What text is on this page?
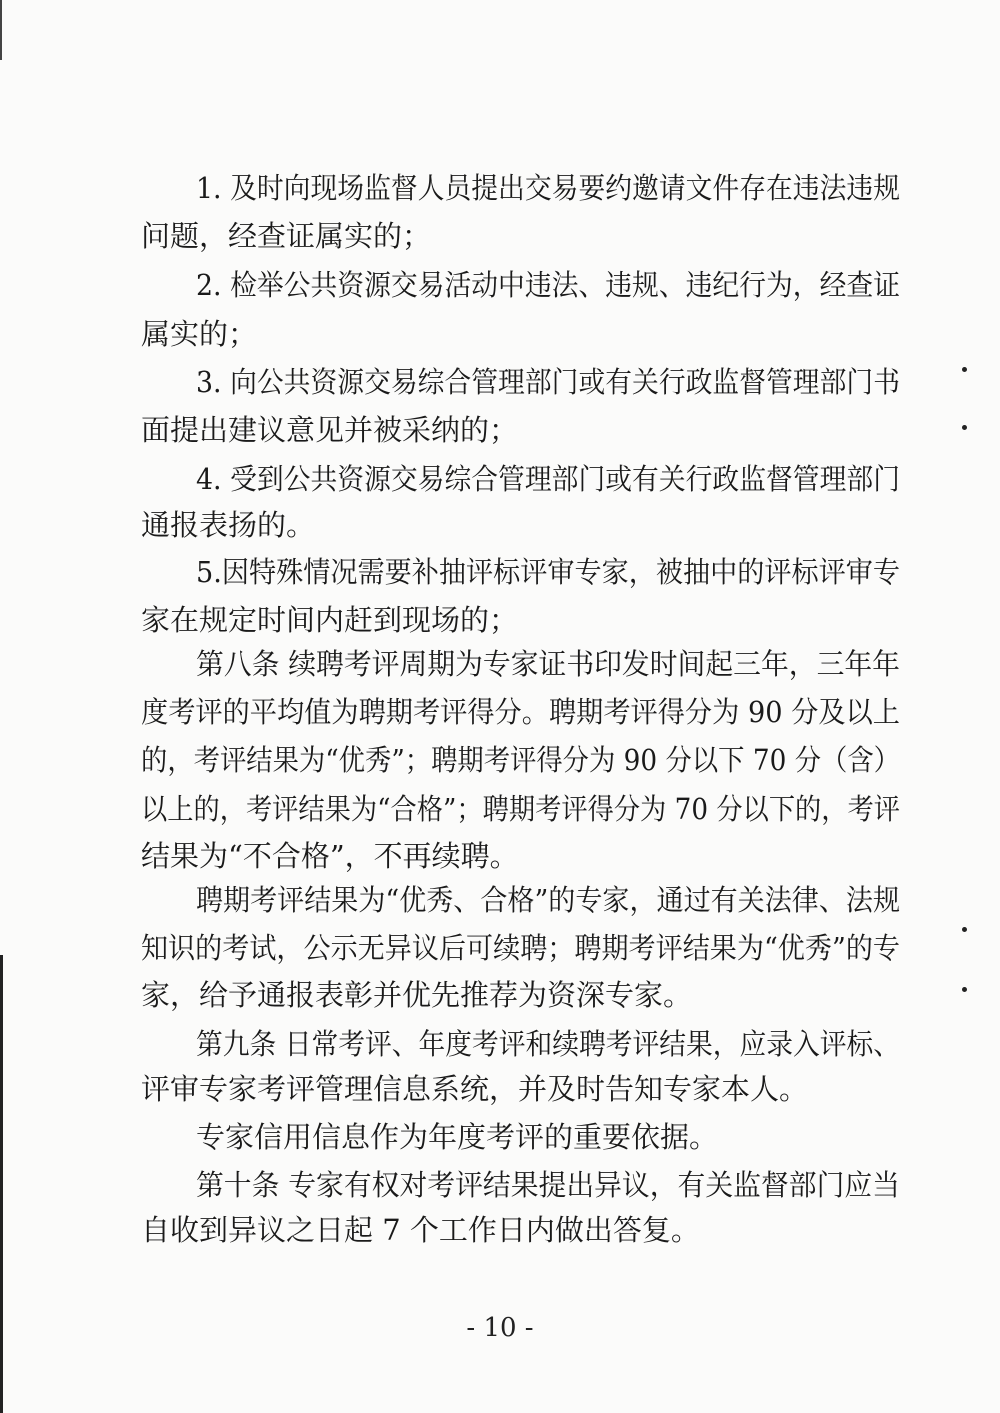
1. 及时向现场监督人员提出交易要约邀请文件存在违法违规
问题，经查证属实的；
2. 检举公共资源交易活动中违法、违规、违纪行为，经查证
属实的；
3. 向公共资源交易综合管理部门或有关行政监督管理部门书
面提出建议意见并被采纳的；
4. 受到公共资源交易综合管理部门或有关行政监督管理部门
通报表扬的。
5.因特殊情况需要补抽评标评审专家，被抽中的评标评审专
家在规定时间内赶到现场的；
第八条 续聘考评周期为专家证书印发时间起三年，三年年
度考评的平均值为聘期考评得分。聘期考评得分为 90 分及以上
的，考评结果为“优秀”；聘期考评得分为 90 分以下 70 分（含）
以上的，考评结果为“合格”；聘期考评得分为 70 分以下的，考评
结果为“不合格”，不再续聘。
聘期考评结果为“优秀、合格”的专家，通过有关法律、法规
知识的考试，公示无异议后可续聘；聘期考评结果为“优秀”的专
家，给予通报表彰并优先推荐为资深专家。
第九条 日常考评、年度考评和续聘考评结果，应录入评标、
评审专家考评管理信息系统，并及时告知专家本人。
专家信用信息作为年度考评的重要依据。
第十条 专家有权对考评结果提出异议，有关监督部门应当
自收到异议之日起 7 个工作日内做出答复。
- 10 -
